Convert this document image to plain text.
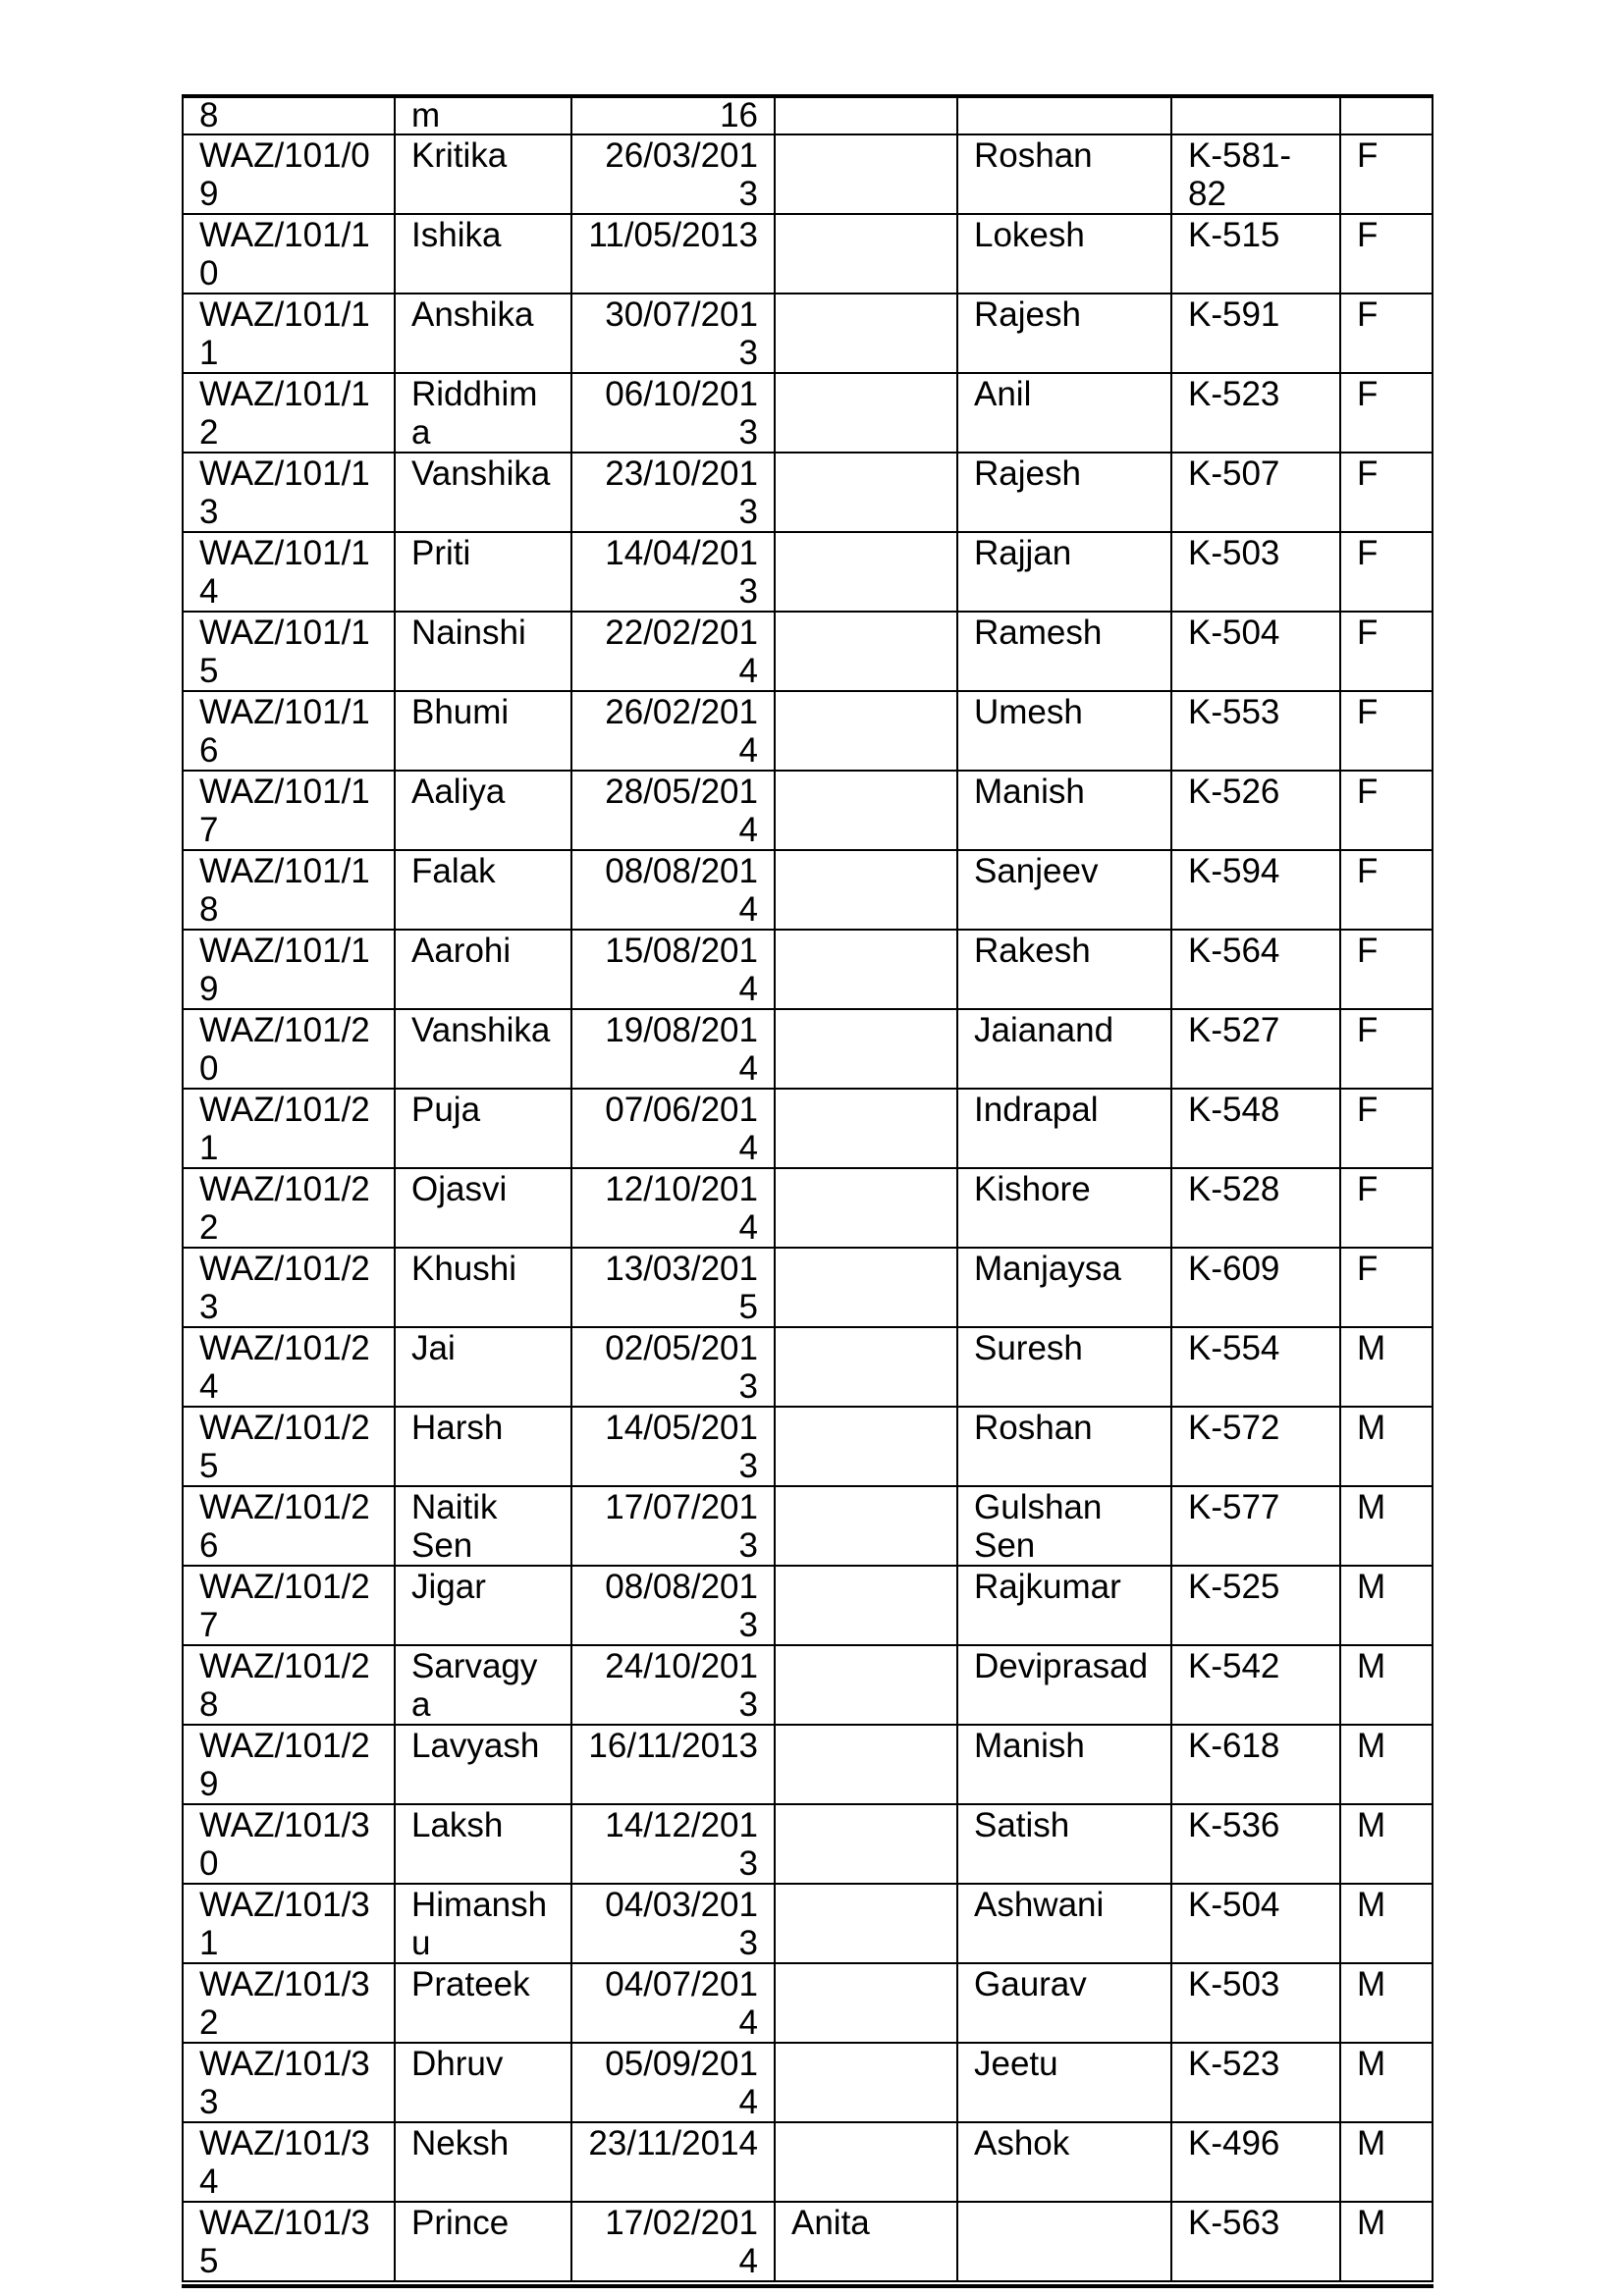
8	m	16				
WAZ/101/09	Kritika	26/03/2013		Roshan	K-581-82	F
WAZ/101/10	Ishika	11/05/2013		Lokesh	K-515	F
WAZ/101/11	Anshika	30/07/2013		Rajesh	K-591	F
WAZ/101/12	Riddhima	06/10/2013		Anil	K-523	F
WAZ/101/13	Vanshika	23/10/2013		Rajesh	K-507	F
WAZ/101/14	Priti	14/04/2013		Rajjan	K-503	F
WAZ/101/15	Nainshi	22/02/2014		Ramesh	K-504	F
WAZ/101/16	Bhumi	26/02/2014		Umesh	K-553	F
WAZ/101/17	Aaliya	28/05/2014		Manish	K-526	F
WAZ/101/18	Falak	08/08/2014		Sanjeev	K-594	F
WAZ/101/19	Aarohi	15/08/2014		Rakesh	K-564	F
WAZ/101/20	Vanshika	19/08/2014		Jaianand	K-527	F
WAZ/101/21	Puja	07/06/2014		Indrapal	K-548	F
WAZ/101/22	Ojasvi	12/10/2014		Kishore	K-528	F
WAZ/101/23	Khushi	13/03/2015		Manjaysa	K-609	F
WAZ/101/24	Jai	02/05/2013		Suresh	K-554	M
WAZ/101/25	Harsh	14/05/2013		Roshan	K-572	M
WAZ/101/26	Naitik Sen	17/07/2013		Gulshan Sen	K-577	M
WAZ/101/27	Jigar	08/08/2013		Rajkumar	K-525	M
WAZ/101/28	Sarvagya	24/10/2013		Deviprasad	K-542	M
WAZ/101/29	Lavyash	16/11/2013		Manish	K-618	M
WAZ/101/30	Laksh	14/12/2013		Satish	K-536	M
WAZ/101/31	Himanshu	04/03/2013		Ashwani	K-504	M
WAZ/101/32	Prateek	04/07/2014		Gaurav	K-503	M
WAZ/101/33	Dhruv	05/09/2014		Jeetu	K-523	M
WAZ/101/34	Neksh	23/11/2014		Ashok	K-496	M
WAZ/101/35	Prince	17/02/2014	Anita		K-563	M
